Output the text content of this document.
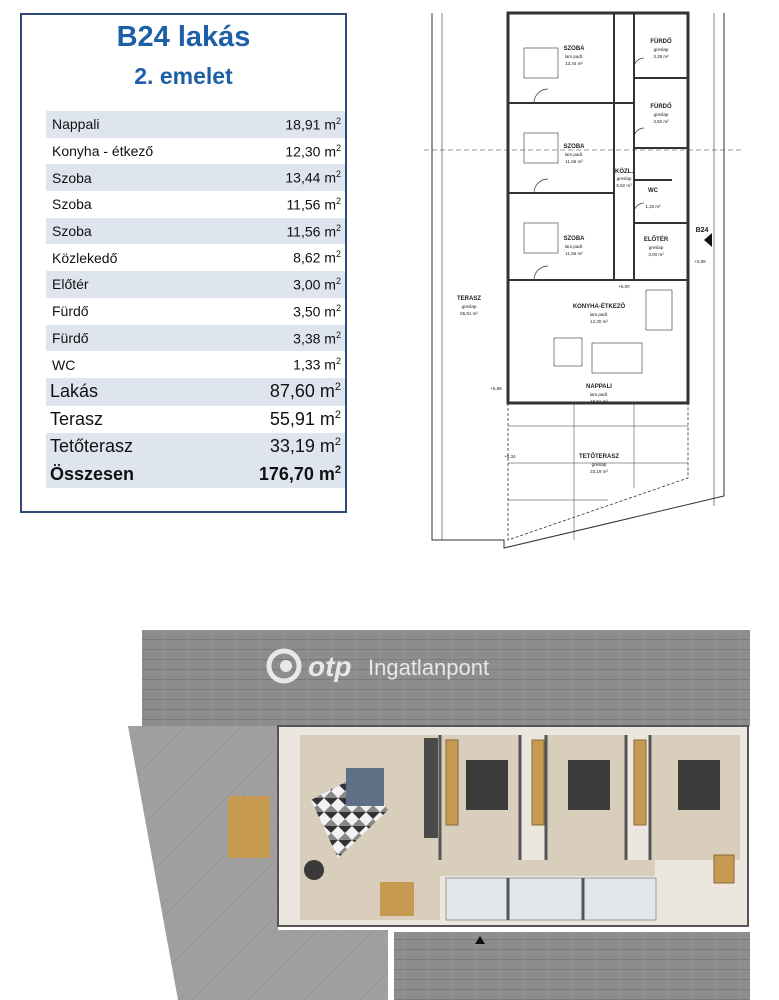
B24 lakás
2. emelet
Nappali	18,91 $m^2$
Konyha - étkező	12,30 $m^2$
Szoba	13,44 $m^2$
Szoba	11,56 $m^2$
Szoba	11,56 $m^2$
Közlekedő	8,62 $m^2$
Előtér	3,00 $m^2$
Fürdő	3,50 $m^2$
Fürdő	3,38 $m^2$
WC	1,33 $m^2$
Lakás	87,60 $m^2$
Terasz	55,91 $m^2$
Tetőterasz	33,19 $m^2$
Összesen	176,70 $m^2$
SZOBA
lam.padl.
13,44 m²
FÜRDŐ
greslap
3,38 m²
SZOBA
lam.padl.
11,56 m²
KÖZL.
greslap
8,62 m²
FÜRDŐ
greslap
3,50 m²
WC
1,33 m²
SZOBA
lam.padl.
11,56 m²
ELŐTÉR
greslap
3,00 m²
KONYHA-ÉTKEZŐ
lam.padl.
12,30 m²
TERASZ
greslap
55,91 m²
NAPPALI
lam.padl.
18,91 m²
TETŐTERASZ
greslap
33,19 m²
B24
+6,00
+5,98
+5,98
+6,34
otp Ingatlanpont
